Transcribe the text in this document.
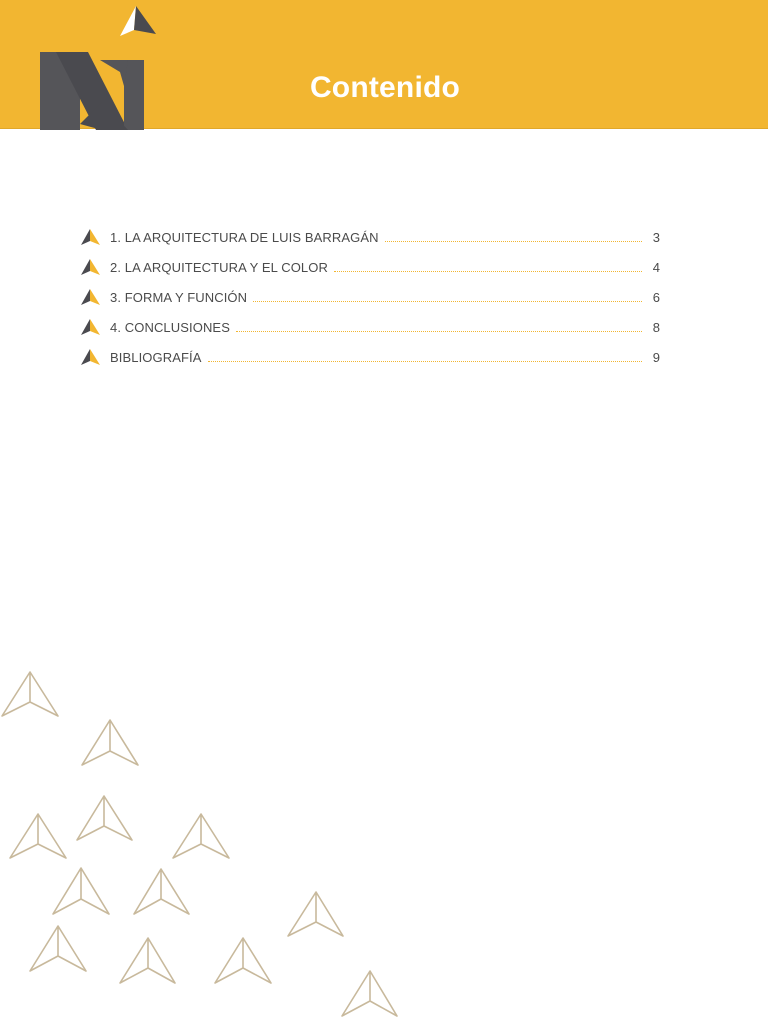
Contenido
1. LA ARQUITECTURA DE LUIS BARRAGÁN	3
2. LA ARQUITECTURA Y EL COLOR	4
3. FORMA Y FUNCIÓN	6
4. CONCLUSIONES	8
BIBLIOGRAFÍA	9
